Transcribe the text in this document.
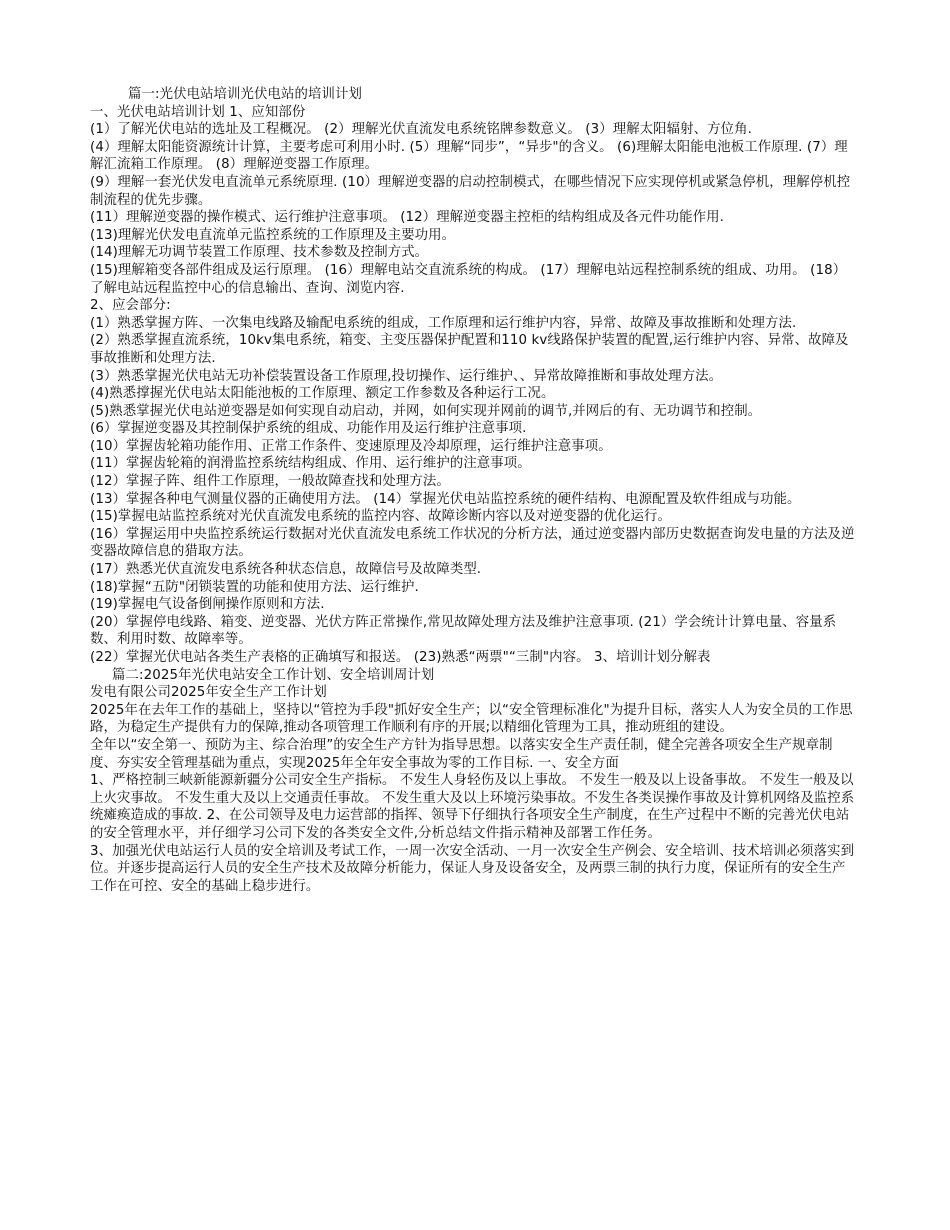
篇一:光伏电站培训光伏电站的培训计划

一、光伏电站培训计划 1、应知部份

(1）了解光伏电站的选址及工程概况。 (2）理解光伏直流发电系统铭牌参数意义。 (3）理解太阳辐射、方位角.

(4）理解太阳能资源统计计算，主要考虑可利用小时. (5）理解“同步”，“异步"的含义。 (6)理解太阳能电池板工作原理. (7）理解汇流箱工作原理。 (8）理解逆变器工作原理。

(9）理解一套光伏发电直流单元系统原理. (10）理解逆变器的启动控制模式，在哪些情况下应实现停机或紧急停机，理解停机控制流程的优先步骤。

(11）理解逆变器的操作模式、运行维护注意事项。 (12）理解逆变器主控柜的结构组成及各元件功能作用.

(13)理解光伏发电直流单元监控系统的工作原理及主要功用。

(14)理解无功调节装置工作原理、技术参数及控制方式。

(15)理解箱变各部件组成及运行原理。 (16）理解电站交直流系统的构成。 (17）理解电站远程控制系统的组成、功用。 (18）了解电站远程监控中心的信息输出、查询、浏览内容.

2、应会部分:

(1）熟悉掌握方阵、一次集电线路及输配电系统的组成，工作原理和运行维护内容，异常、故障及事故推断和处理方法.

(2）熟悉掌握直流系统，10kv集电系统，箱变、主变压器保护配置和110 kv线路保护装置的配置,运行维护内容、异常、故障及事故推断和处理方法.

(3）熟悉掌握光伏电站无功补偿装置设备工作原理,投切操作、运行维护、、异常故障推断和事故处理方法。

(4)熟悉撑握光伏电站太阳能池板的工作原理、额定工作参数及各种运行工况。

(5)熟悉掌握光伏电站逆变器是如何实现自动启动，并网，如何实现并网前的调节,并网后的有、无功调节和控制。

(6）掌握逆变器及其控制保护系统的组成、功能作用及运行维护注意事项.

(10）掌握齿轮箱功能作用、正常工作条件、变速原理及冷却原理，运行维护注意事项。

(11）掌握齿轮箱的润滑监控系统结构组成、作用、运行维护的注意事项。

(12）掌握子阵、组件工作原理，一般故障查找和处理方法。

(13）掌握各种电气测量仪器的正确使用方法。 (14）掌握光伏电站监控系统的硬件结构、电源配置及软件组成与功能。

(15)掌握电站监控系统对光伏直流发电系统的监控内容、故障诊断内容以及对逆变器的优化运行。

(16）掌握运用中央监控系统运行数据对光伏直流发电系统工作状况的分析方法，通过逆变器内部历史数据查询发电量的方法及逆变器故障信息的猎取方法。

(17）熟悉光伏直流发电系统各种状态信息，故障信号及故障类型.

(18)掌握“五防"闭锁装置的功能和使用方法、运行维护.

(19)掌握电气设备倒闸操作原则和方法.

(20）掌握停电线路、箱变、逆变器、光伏方阵正常操作,常见故障处理方法及维护注意事项. (21）学会统计计算电量、容量系数、利用时数、故障率等。

(22）掌握光伏电站各类生产表格的正确填写和报送。 (23)熟悉“两票"“三制"内容。 3、培训计划分解表

篇二:2025年光伏电站安全工作计划、安全培训周计划

发电有限公司2025年安全生产工作计划

2025年在去年工作的基础上，坚持以“管控为手段"抓好安全生产；以“安全管理标准化"为提升目标，落实人人为安全员的工作思路，为稳定生产提供有力的保障,推动各项管理工作顺利有序的开展;以精细化管理为工具，推动班组的建设。

全年以“安全第一、预防为主、综合治理”的安全生产方针为指导思想。以落实安全生产责任制，健全完善各项安全生产规章制度、夯实安全管理基础为重点，实现2025年全年安全事故为零的工作目标. 一、安全方面

1、严格控制三峡新能源新疆分公司安全生产指标。 不发生人身轻伤及以上事故。 不发生一般及以上设备事故。 不发生一般及以上火灾事故。 不发生重大及以上交通责任事故。 不发生重大及以上环境污染事故。不发生各类误操作事故及计算机网络及监控系统瘫痪造成的事故. 2、在公司领导及电力运营部的指挥、领导下仔细执行各项安全生产制度，在生产过程中不断的完善光伏电站的安全管理水平，并仔细学习公司下发的各类安全文件,分析总结文件指示精神及部署工作任务。

3、加强光伏电站运行人员的安全培训及考试工作，一周一次安全活动、一月一次安全生产例会、安全培训、技术培训必须落实到位。并逐步提高运行人员的安全生产技术及故障分析能力，保证人身及设备安全，及两票三制的执行力度，保证所有的安全生产工作在可控、安全的基础上稳步进行。
